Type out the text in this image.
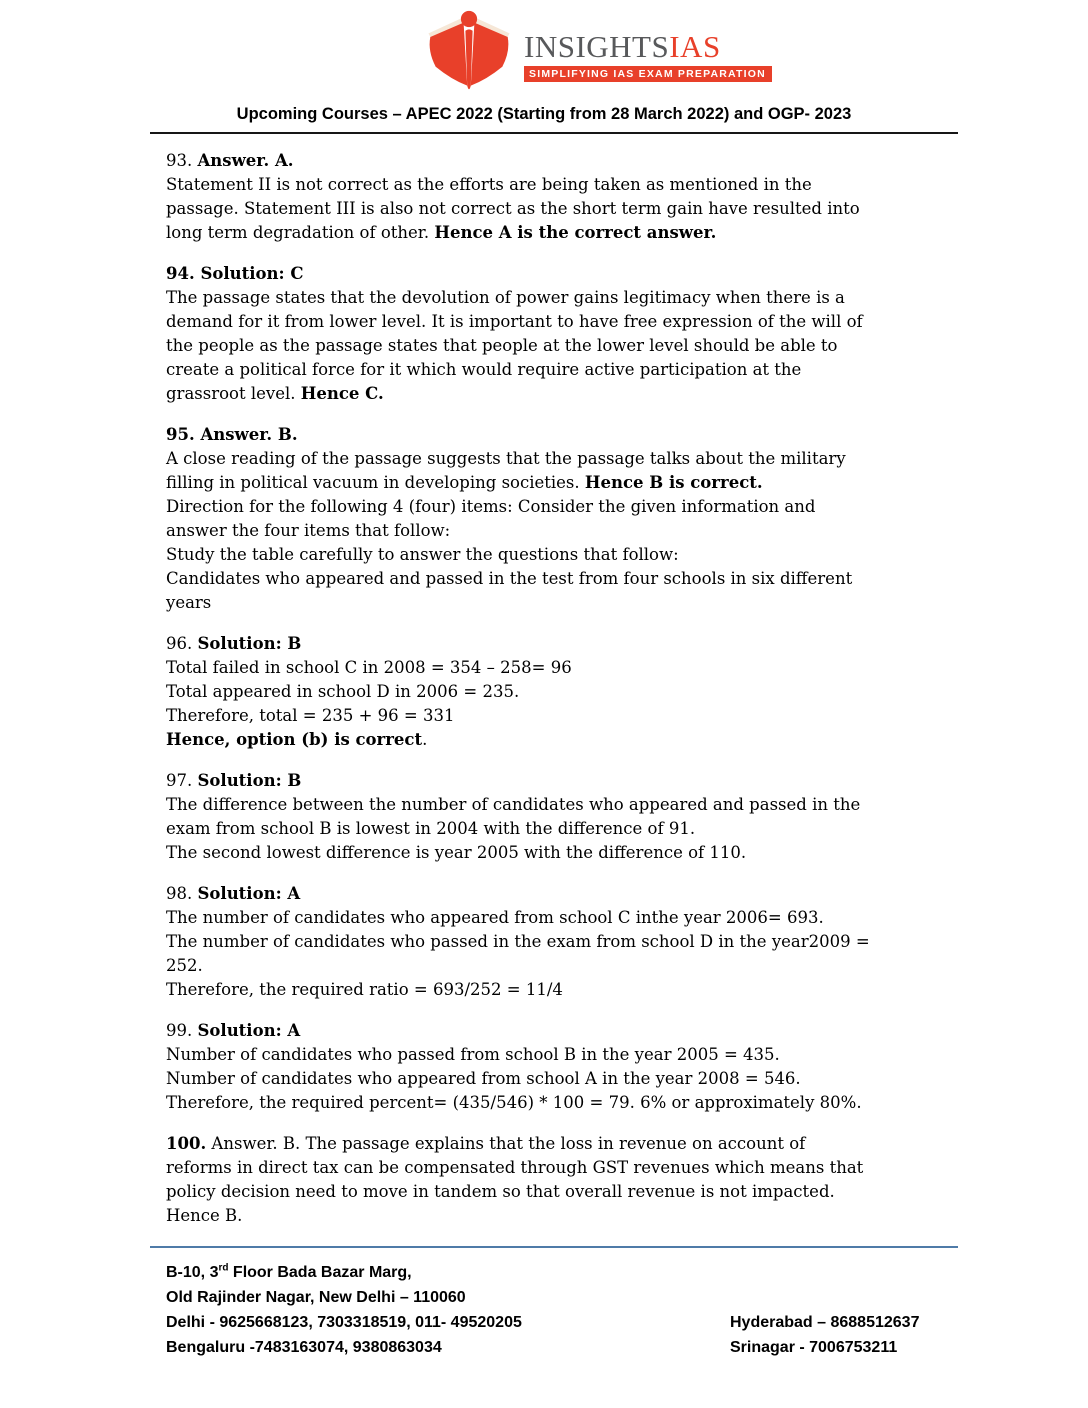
INSIGHTSIAS
SIMPLIFYING IAS EXAM PREPARATION
Upcoming Courses – APEC 2022 (Starting from 28 March 2022) and OGP- 2023
93. Answer. A.
Statement II is not correct as the efforts are being taken as mentioned in the
passage. Statement III is also not correct as the short term gain have resulted into
long term degradation of other. Hence A is the correct answer.
94. Solution: C
The passage states that the devolution of power gains legitimacy when there is a
demand for it from lower level. It is important to have free expression of the will of
the people as the passage states that people at the lower level should be able to
create a political force for it which would require active participation at the
grassroot level. Hence C.
95. Answer. B.
A close reading of the passage suggests that the passage talks about the military
filling in political vacuum in developing societies. Hence B is correct.
Direction for the following 4 (four) items: Consider the given information and
answer the four items that follow:
Study the table carefully to answer the questions that follow:
Candidates who appeared and passed in the test from four schools in six different
years
96. Solution: B
Total failed in school C in 2008 = 354 – 258= 96
Total appeared in school D in 2006 = 235.
Therefore, total = 235 + 96 = 331
Hence, option (b) is correct.
97. Solution: B
The difference between the number of candidates who appeared and passed in the
exam from school B is lowest in 2004 with the difference of 91.
The second lowest difference is year 2005 with the difference of 110.
98. Solution: A
The number of candidates who appeared from school C inthe year 2006= 693.
The number of candidates who passed in the exam from school D in the year2009 =
252.
Therefore, the required ratio = 693/252 = 11/4
99. Solution: A
Number of candidates who passed from school B in the year 2005 = 435.
Number of candidates who appeared from school A in the year 2008 = 546.
Therefore, the required percent= (435/546) * 100 = 79. 6% or approximately 80%.
100. Answer. B. The passage explains that the loss in revenue on account of
reforms in direct tax can be compensated through GST revenues which means that
policy decision need to move in tandem so that overall revenue is not impacted.
Hence B.
B-10, 3rd Floor Bada Bazar Marg,
Old Rajinder Nagar, New Delhi – 110060
Delhi - 9625668123, 7303318519, 011- 49520205	Hyderabad – 8688512637
Bengaluru -7483163074, 9380863034	Srinagar - 7006753211
